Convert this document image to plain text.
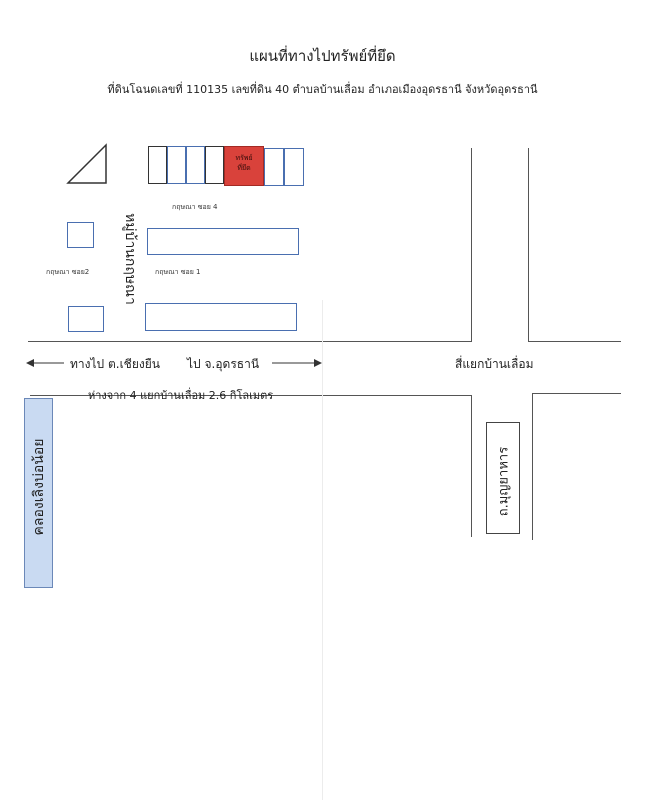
แผนที่ทางไปทรัพย์ที่ยึด
ที่ดินโฉนดเลขที่ 110135 เลขที่ดิน 40 ตำบลบ้านเลื่อม อำเภอเมืองอุดรธานี จังหวัดอุดรธานี
ทรัพย์
ที่ยึด
กฤษณา ซอย 4
กฤษณา ซอย2	กฤษณา ซอย 1
หมู่บ้านกฤษณา
ทางไป ต.เชียงยืน ไป จ.อุดรธานี	สี่แยกบ้านเลื่อม
ห่างจาก 4 แยกบ้านเลื่อม 2.6 กิโลเมตร
ถ.มุญยาหาร
คลองเลิงบ่อน้อย
